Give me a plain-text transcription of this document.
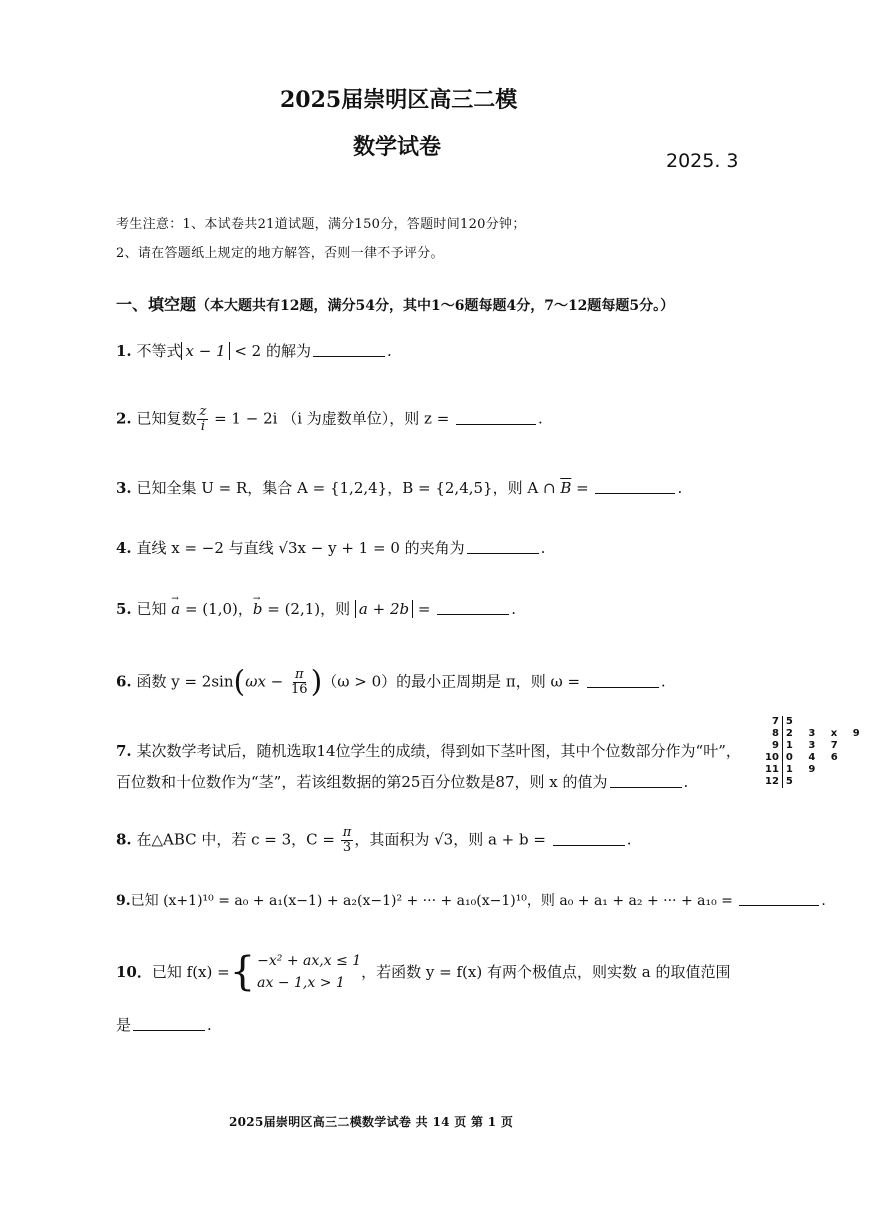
2025届崇明区高三二模
数学试卷
2025. 3
考生注意：1、本试卷共21道试题，满分150分，答题时间120分钟；
2、请在答题纸上规定的地方解答，否则一律不予评分。
一、填空题（本大题共有12题，满分54分，其中1～6题每题4分，7～12题每题5分。）
1. 不等式 x − 1 < 2 的解为	.
2. 已知复数 $\frac{z}{i} = 1 - 2i$ （i 为虚数单位），则 z =	.
3. 已知全集 U = R，集合 A = {1,2,4}，B = {2,4,5}，则 A ∩ $\overline{B}$ =	.
4. 直线 x = −2 与直线 √3x − y + 1 = 0 的夹角为	.
5. 已知 → a = (1,0)，→ b = (2,1)，则 a + 2b =	.
6. 函数 $y = 2\sin(\omega x - \frac{\pi}{16} )(\omega > 0)$的最小正周期是 π，则 ω =	.
7. 某次数学考试后，随机选取14位学生的成绩，得到如下茎叶图，其中个位数部分作为“叶”，
百位数和十位数作为“茎”，若该组数据的第25百分位数是87，则 x 的值为	.
7	5
8	2 3 x 9
9	1 3 7
10	0 4 6
11	1 9
12	5
8. 在△ABC 中，若 c = 3，$C = \frac{\pi}{3}$ ，其面积为 √3，则 a + b =	.
9.已知 (x+1)¹⁰ = a₀ + a₁(x−1) + a₂(x−1)² + ··· + a₁₀(x−1)¹⁰，则 a₀ + a₁ + a₂ + ··· + a₁₀ =	.
10． 已知 f(x) = { −x² + ax,x ≤ 1
ax − 1,x > 1
，若函数 y = f(x) 有两个极值点，则实数 a 的取值范围
是	.
2025届崇明区高三二模数学试卷 共 14 页 第 1 页
